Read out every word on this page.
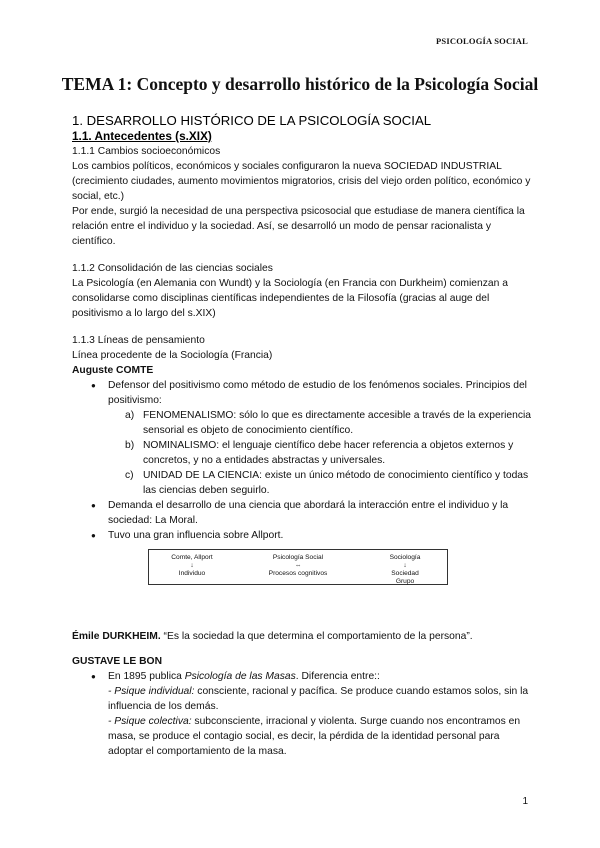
PSICOLOGÍA SOCIAL
TEMA 1: Concepto y desarrollo histórico de la Psicología Social
1. DESARROLLO HISTÓRICO DE LA PSICOLOGÍA SOCIAL
1.1. Antecedentes (s.XIX)

1.1.1 Cambios socioeconómicos

Los cambios políticos, económicos y sociales configuraron la nueva SOCIEDAD INDUSTRIAL (crecimiento ciudades, aumento movimientos migratorios, crisis del viejo orden político, económico y social, etc.)

Por ende, surgió la necesidad de una perspectiva psicosocial que estudiase de manera científica la relación entre el individuo y la sociedad. Así, se desarrolló un modo de pensar racionalista y científico.

1.1.2 Consolidación de las ciencias sociales

La Psicología (en Alemania con Wundt) y la Sociología (en Francia con Durkheim) comienzan a consolidarse como disciplinas científicas independientes de la Filosofía (gracias al auge del positivismo a lo largo del s.XIX)

1.1.3 Líneas de pensamiento

Línea procedente de la Sociología (Francia)

Auguste COMTE

● Defensor del positivismo como método de estudio de los fenómenos sociales. Principios del positivismo:
a) FENOMENALISMO: sólo lo que es directamente accesible a través de la experiencia sensorial es objeto de conocimiento científico.
b) NOMINALISMO: el lenguaje científico debe hacer referencia a objetos externos y concretos, y no a entidades abstractas y universales.
c) UNIDAD DE LA CIENCIA: existe un único método de conocimiento científico y todas las ciencias deben seguirlo.
● Demanda el desarrollo de una ciencia que abordará la interacción entre el individuo y la sociedad: La Moral.
● Tuvo una gran influencia sobre Allport.
Comte, Allport
↓
Individuo
Psicología Social
⇔
Procesos cognitivos
Sociología
↓
Sociedad
Grupo

Émile DURKHEIM. “Es la sociedad la que determina el comportamiento de la persona”.

GUSTAVE LE BON

● En 1895 publica Psicología de las Masas. Diferencia entre::
- Psique individual: consciente, racional y pacífica. Se produce cuando estamos solos, sin la influencia de los demás.
- Psique colectiva: subconsciente, irracional y violenta. Surge cuando nos encontramos en masa, se produce el contagio social, es decir, la pérdida de la identidad personal para adoptar el comportamiento de la masa.
1
